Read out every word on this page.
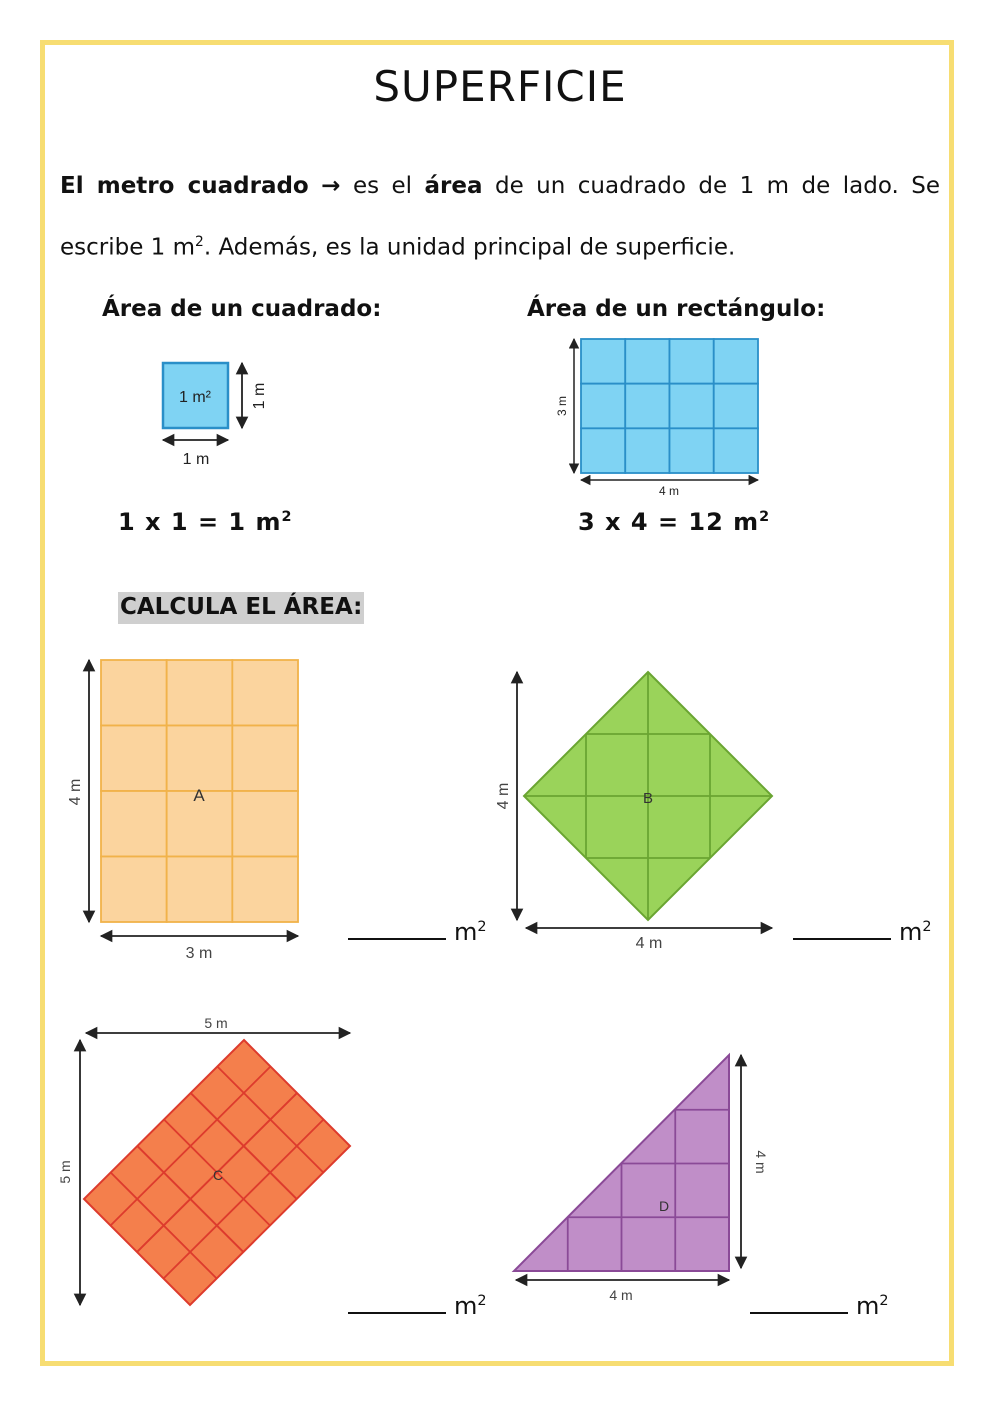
SUPERFICIE
El metro cuadrado → es el área de un cuadrado de 1 m de lado. Se escribe 1 $m^2$. Además, es la unidad principal de superficie.
Área de un cuadrado:	Área de un rectángulo:
1 x 1 = 1 $m^2$	3 x 4 = 12 $m^2$
CALCULA EL ÁREA:
$m^2$	$m^2$
$m^2$	$m^2$
1 m²	1 m
1 m
3 m
4 m
A
4 m
3 m
B
4 m
4 m
C
5 m
5 m
D
4 m
4 m
